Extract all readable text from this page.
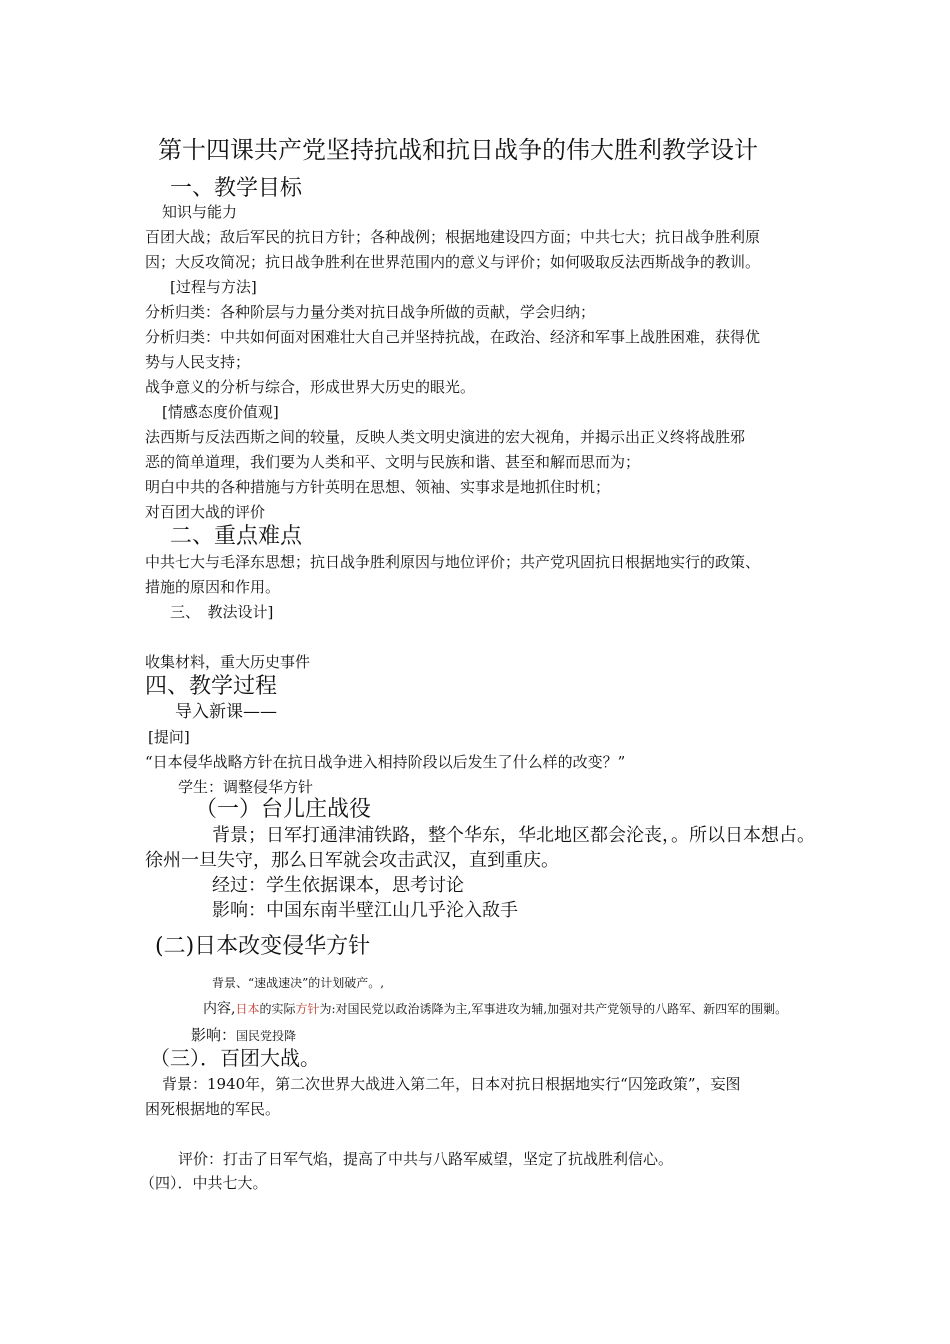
第十四课共产党坚持抗战和抗日战争的伟大胜利教学设计
一、教学目标
知识与能力
百团大战；敌后军民的抗日方针；各种战例；根据地建设四方面；中共七大；抗日战争胜利原
因；大反攻简况；抗日战争胜利在世界范围内的意义与评价；如何吸取反法西斯战争的教训。
[过程与方法]
分析归类：各种阶层与力量分类对抗日战争所做的贡献，学会归纳；
分析归类：中共如何面对困难壮大自己并坚持抗战，在政治、经济和军事上战胜困难，获得优
势与人民支持；
战争意义的分析与综合，形成世界大历史的眼光。
[情感态度价值观]
法西斯与反法西斯之间的较量，反映人类文明史演进的宏大视角，并揭示出正义终将战胜邪
恶的简单道理，我们要为人类和平、文明与民族和谐、甚至和解而思而为；
明白中共的各种措施与方针英明在思想、领袖、实事求是地抓住时机；
对百团大战的评价
二、重点难点
中共七大与毛泽东思想；抗日战争胜利原因与地位评价；共产党巩固抗日根据地实行的政策、
措施的原因和作用。
三、　教法设计]
收集材料，重大历史事件
四、教学过程
导入新课——
[提问]
“日本侵华战略方针在抗日战争进入相持阶段以后发生了什么样的改变？”
学生：调整侵华方针
（一）台儿庄战役
背景；日军打通津浦铁路，整个华东，华北地区都会沦丧，。所以日本想占。
徐州一旦失守，那么日军就会攻击武汉，直到重庆。
经过：学生依据课本，思考讨论
影响：中国东南半壁江山几乎沦入敌手
(二)日本改变侵华方针
背景、“速战速决”的计划破产。,
内容,日本的实际方针为:对国民党以政治诱降为主,军事进攻为辅,加强对共产党领导的八路军、新四军的围剿。
影响：国民党投降
（三）．百团大战。
背景：1940年，第二次世界大战进入第二年，日本对抗日根据地实行“囚笼政策”，妄图
困死根据地的军民。
评价：打击了日军气焰，提高了中共与八路军威望，坚定了抗战胜利信心。
（四）．中共七大。
